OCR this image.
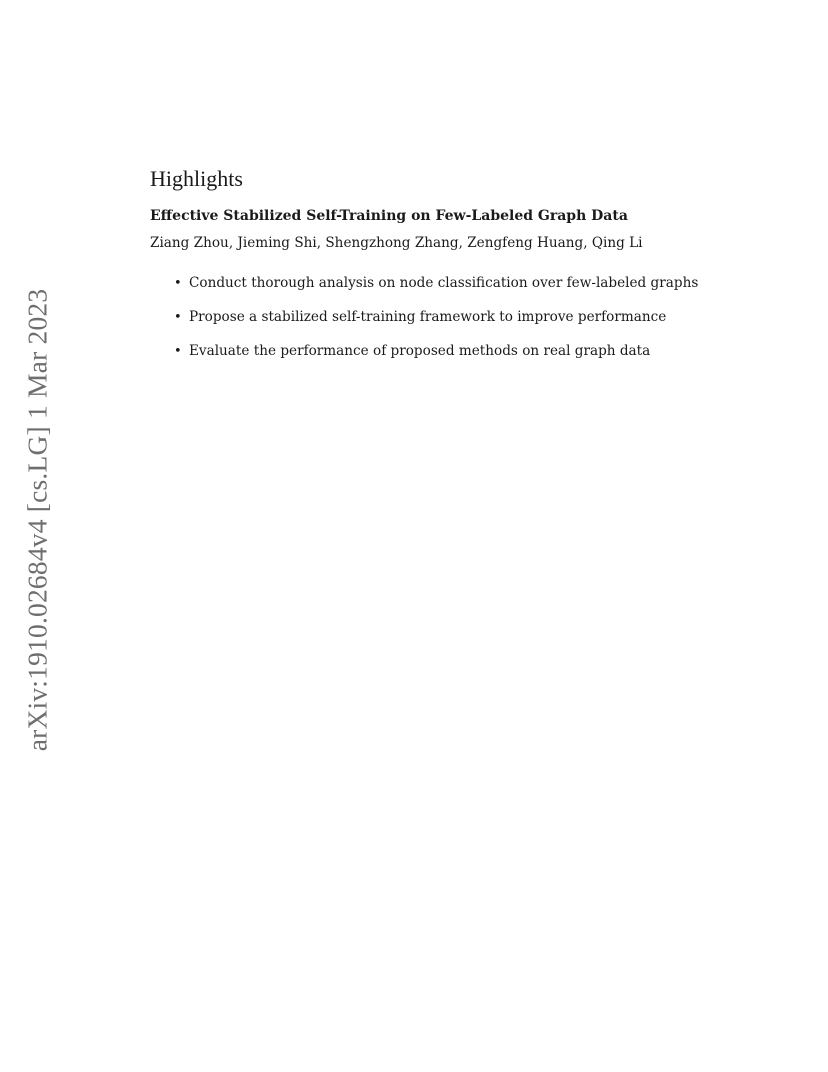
arXiv:1910.02684v4 [cs.LG] 1 Mar 2023
Highlights
Effective Stabilized Self-Training on Few-Labeled Graph Data
Ziang Zhou, Jieming Shi, Shengzhong Zhang, Zengfeng Huang, Qing Li
• Conduct thorough analysis on node classification over few-labeled graphs
• Propose a stabilized self-training framework to improve performance
• Evaluate the performance of proposed methods on real graph data
